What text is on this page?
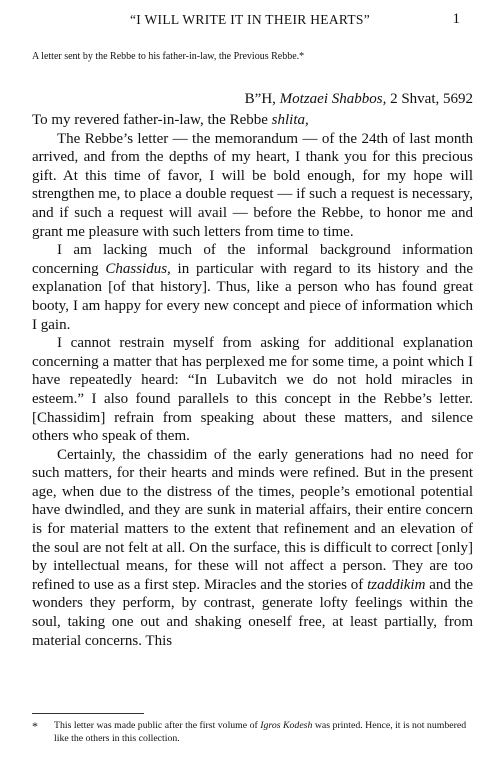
“I WILL WRITE IT IN THEIR HEARTS”	1
A letter sent by the Rebbe to his father-in-law, the Previous Rebbe.*
B”H, Motzaei Shabbos, 2 Shvat, 5692

To my revered father-in-law, the Rebbe shlita,

The Rebbe’s letter — the memorandum — of the 24th of last month arrived, and from the depths of my heart, I thank you for this precious gift. At this time of favor, I will be bold enough, for my hope will strengthen me, to place a double request — if such a request is necessary, and if such a request will avail — before the Rebbe, to honor me and grant me pleasure with such letters from time to time.

I am lacking much of the informal background information concerning Chassidus, in particular with regard to its history and the explanation [of that history]. Thus, like a person who has found great booty, I am happy for every new concept and piece of information which I gain.

I cannot restrain myself from asking for additional explanation concerning a matter that has perplexed me for some time, a point which I have repeatedly heard: “In Lubavitch we do not hold miracles in esteem.” I also found parallels to this concept in the Rebbe’s letter. [Chassidim] refrain from speaking about these matters, and silence others who speak of them.

Certainly, the chassidim of the early generations had no need for such matters, for their hearts and minds were refined. But in the present age, when due to the distress of the times, people’s emotional potential have dwindled, and they are sunk in material affairs, their entire concern is for material matters to the extent that refinement and an elevation of the soul are not felt at all. On the surface, this is difficult to correct [only] by intellectual means, for these will not affect a person. They are too refined to use as a first step. Miracles and the stories of tzaddikim and the wonders they perform, by contrast, generate lofty feelings within the soul, taking one out and shaking oneself free, at least partially, from material concerns. This

* This letter was made public after the first volume of Igros Kodesh was printed. Hence, it is not numbered like the others in this collection.
